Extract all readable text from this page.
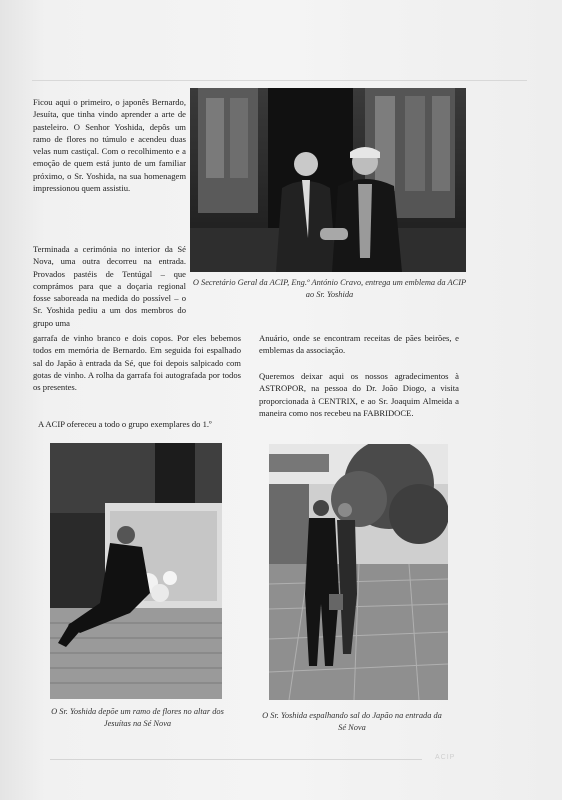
Ficou aqui o primeiro, o japonês Bernardo, Jesuíta, que tinha vindo aprender a arte de pasteleiro. O Senhor Yoshida, depôs um ramo de flores no túmulo e acendeu duas velas num castiçal. Com o recolhimento e a emoção de quem está junto de um familiar próximo, o Sr. Yoshida, na sua homenagem impressionou quem assistiu.

Terminada a cerimónia no interior da Sé Nova, uma outra decorreu na entrada. Provados pastéis de Tentúgal – que comprámos para que a doçaria regional fosse saboreada na medida do possível – o Sr. Yoshida pediu a um dos membros do grupo uma

garrafa de vinho branco e dois copos. Por eles bebemos todos em memória de Bernardo. Em seguida foi espalhado sal do Japão à entrada da Sé, que foi depois salpicado com gotas de vinho. A rolha da garrafa foi autografada por todos os presentes.

A ACIP ofereceu a todo o grupo exemplares do 1.º

Anuário, onde se encontram receitas de pães beirões, e emblemas da associação.

Queremos deixar aqui os nossos agradecimentos à ASTROPOR, na pessoa do Dr. João Diogo, a visita proporcionada à CENTRIX, e ao Sr. Joaquim Almeida a maneira como nos recebeu na FABRIDOCE.

O Secretário Geral da ACIP, Eng.º António Cravo, entrega um emblema da ACIP ao Sr. Yoshida
O Sr. Yoshida depõe um ramo de flores no altar dos Jesuítas na Sé Nova
O Sr. Yoshida espalhando sal do Japão na entrada da Sé Nova
ACIP
